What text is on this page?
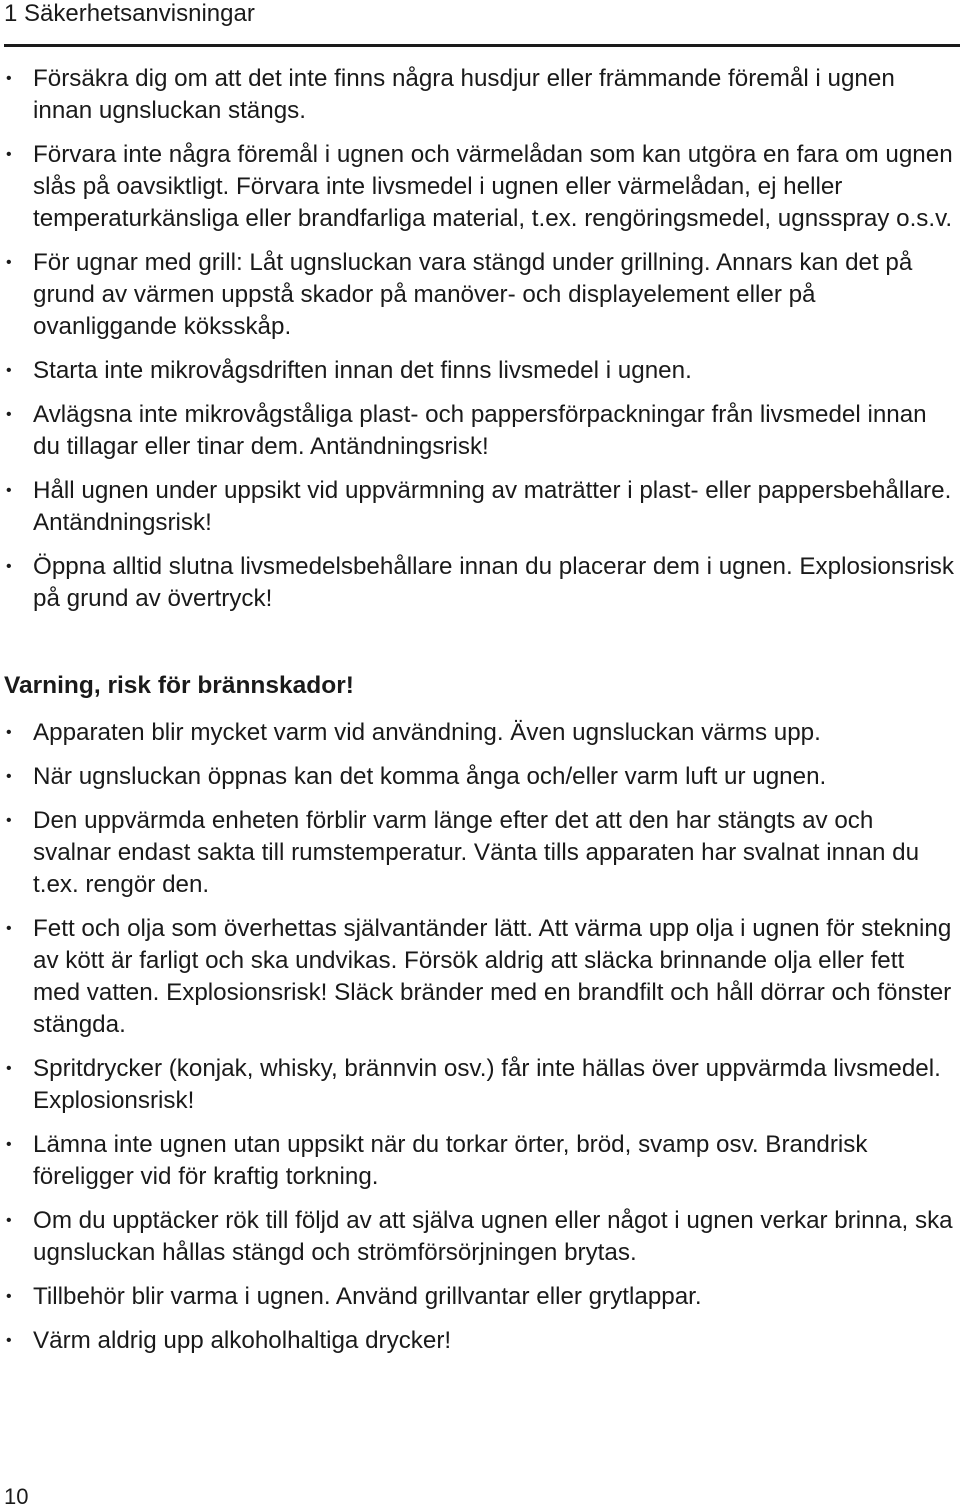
1 Säkerhetsanvisningar
• Försäkra dig om att det inte finns några husdjur eller främmande föremål i ugnen innan ugnsluckan stängs.
• Förvara inte några föremål i ugnen och värmelådan som kan utgöra en fara om ugnen slås på oavsiktligt. Förvara inte livsmedel i ugnen eller värmelådan, ej heller temperaturkänsliga eller brandfarliga material, t.ex. rengöringsmedel, ugnsspray o.s.v.
• För ugnar med grill: Låt ugnsluckan vara stängd under grillning. Annars kan det på grund av värmen uppstå skador på manöver- och displayelement eller på ovanliggande köksskåp.
• Starta inte mikrovågsdriften innan det finns livsmedel i ugnen.
• Avlägsna inte mikrovågståliga plast- och pappersförpackningar från livsmedel innan du tillagar eller tinar dem. Antändningsrisk!
• Håll ugnen under uppsikt vid uppvärmning av maträtter i plast- eller pappersbehållare. Antändningsrisk!
• Öppna alltid slutna livsmedelsbehållare innan du placerar dem i ugnen. Explosionsrisk på grund av övertryck!
Varning, risk för brännskador!
• Apparaten blir mycket varm vid användning. Även ugnsluckan värms upp.
• När ugnsluckan öppnas kan det komma ånga och/eller varm luft ur ugnen.
• Den uppvärmda enheten förblir varm länge efter det att den har stängts av och svalnar endast sakta till rumstemperatur. Vänta tills apparaten har svalnat innan du t.ex. rengör den.
• Fett och olja som överhettas självantänder lätt. Att värma upp olja i ugnen för stekning av kött är farligt och ska undvikas. Försök aldrig att släcka brinnande olja eller fett med vatten. Explosionsrisk! Släck bränder med en brandfilt och håll dörrar och fönster stängda.
• Spritdrycker (konjak, whisky, brännvin osv.) får inte hällas över uppvärmda livsmedel. Explosionsrisk!
• Lämna inte ugnen utan uppsikt när du torkar örter, bröd, svamp osv. Brandrisk föreligger vid för kraftig torkning.
• Om du upptäcker rök till följd av att själva ugnen eller något i ugnen verkar brinna, ska ugnsluckan hållas stängd och strömförsörjningen brytas.
• Tillbehör blir varma i ugnen. Använd grillvantar eller grytlappar.
• Värm aldrig upp alkoholhaltiga drycker!
10
